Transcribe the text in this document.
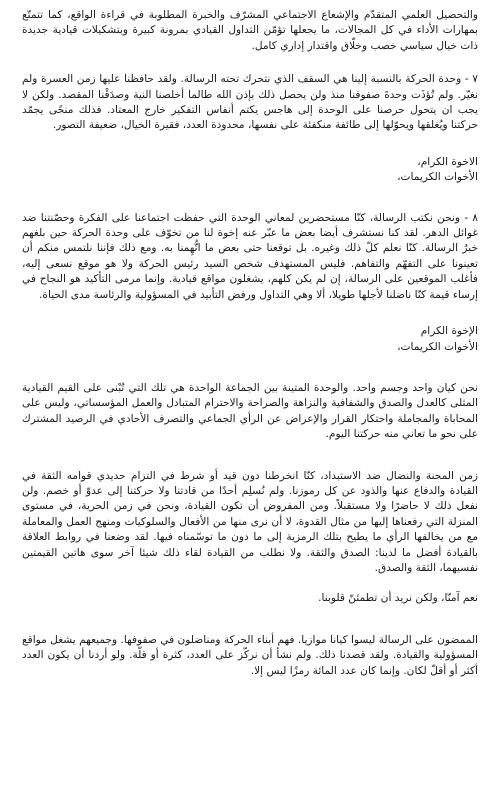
والتحصيل العلمي المتقدّم والإشعاع الاجتماعي المشرّف والخبرة المطلوبة في قراءة الواقع، كما تتمتّع بمهارات الأداء في كل المجالات، ما يجعلها تؤمّن التداول القيادي بمرونة كبيرة وبتشكيلات قيادية جديدة ذات خيال سياسي خصب وخلّاق واقتدار إداري كامل.

٧ - وحدة الحركة بالنسبة إلينا هي السقف الذي نتحرك تحته الرسالة. ولقد حافظنا عليها زمن العسرة ولم نغيّر. ولم تُؤذَت وحدةَ صفوفنا منذ ولن يحصل ذلك بإذن الله طالما أخلصنا النية وصدَقْنا المقصد. ولكن لا يجب ان يتحول حرصنا على الوحدة إلى هاجس يكتم أنفاس التفكير خارج المعتاد. فذلك منحًى يجمّد حركتنا ويُغلقها ويحوّلها إلى طائفة منكفئة على نفسها، محدودة العدد، فقيرة الخيال، ضعيفة التصور.

الاخوة الكرام،

الأخوات الكريمات،

٨ - ونحن نكتب الرسالة، كنّا مستحضرين لمعاني الوحدة التي حفظت اجتماعنا على الفكرة وحصّنتنا ضد غوائل الدهر. لقد كنا نستشرف أيضا بعض ما عبّر عنه إخوة لنا من تخوّف على وحدة الحركة حين بلغهم خبرُ الرسالة. كنّا نعلم كلّ ذلك وغيره. بل توقعنا حتى بعض ما اتُّهِمنا به. ومع ذلك فإننا نلتمس منكم أن تعينونا على التفهّم والتفاهم. فليس المستهدف شخص السيد رئيس الحركة ولا هو موقع نسعى إليه، فأغلب الموقعين على الرسالة، إن لم يكن كلهم، يشغلون مواقع قيادية. وإنما مرمى التأكيد هو النجاح في إرساء قيمة كنّا ناضلنا لأجلها طويلا، ألا وهي التداول ورفض التأبيد في المسؤولية والرئاسة مدى الحياة.

الإخوة الكرام

الأخوات الكريمات،

نحن كيان واحد وجسم واحد. والوحدة المتينة بين الجماعة الواحدة هي تلك التي تُبْنى على القيم القيادية المثلى كالعدل والصدق والشفافية والنزاهة والصراحة والاحترام المتبادل والعمل المؤسساتي، وليس على المحاباة والمجاملة واحتكار القرار والإعراض عن الرأي الجماعي والتصرف الأحادي في الرصيد المشترك على نحو ما تعاني منه حركتنا اليوم.

زمن المحنة والنضال ضد الاستبداد، كنّا انخرطنا دون قيد أو شرط في التزام حديدي قوامه الثقة في القيادة والدفاع عنها والذود عن كل رموزنا. ولم نُسلِم أحدًا من قادتنا ولا حركتنا إلى عدوّ أو خصم. ولن نفعل ذلك لا حاضرًا ولا مستقبلاً. ومن المفروض أن تكون القيادة، ونحن في زمن الحرية، في مستوى المنزلة التي رفعناها إليها من مثال القدوة، لا أن نرى منها من الأفعال والسلوكيات ومنهج العمل والمعاملة مع من يخالفها الرأي ما يطيح بتلك الرمزية إلى ما دون ما توسّمناه فيها. لقد وضعنا في روابط العلاقة بالقيادة أفضل ما لدينا: الصدق والثقة. ولا نطلب من القيادة لقاء ذلك شيئا آخر سوى هاتين القيمتين نفسيهما، الثقة والصدق.

نعم آمنّا، ولكن نريد أن تطمئنّ قلوبنا.

الممضون على الرسالة ليسوا كيانا موازيا. فهم أبناء الحركة ومناضلون في صفوفها. وجميعهم يشغل مواقع المسؤولية والقيادة. ولقد قصدنا ذلك. ولم نشأ أن نركّز على العدد، كثرة أو قلّة. ولو أردنا أن يكون العدد أكثر أو أقلّ لكان. وإنما كان عدد المائة رمزًا ليس إلا.
